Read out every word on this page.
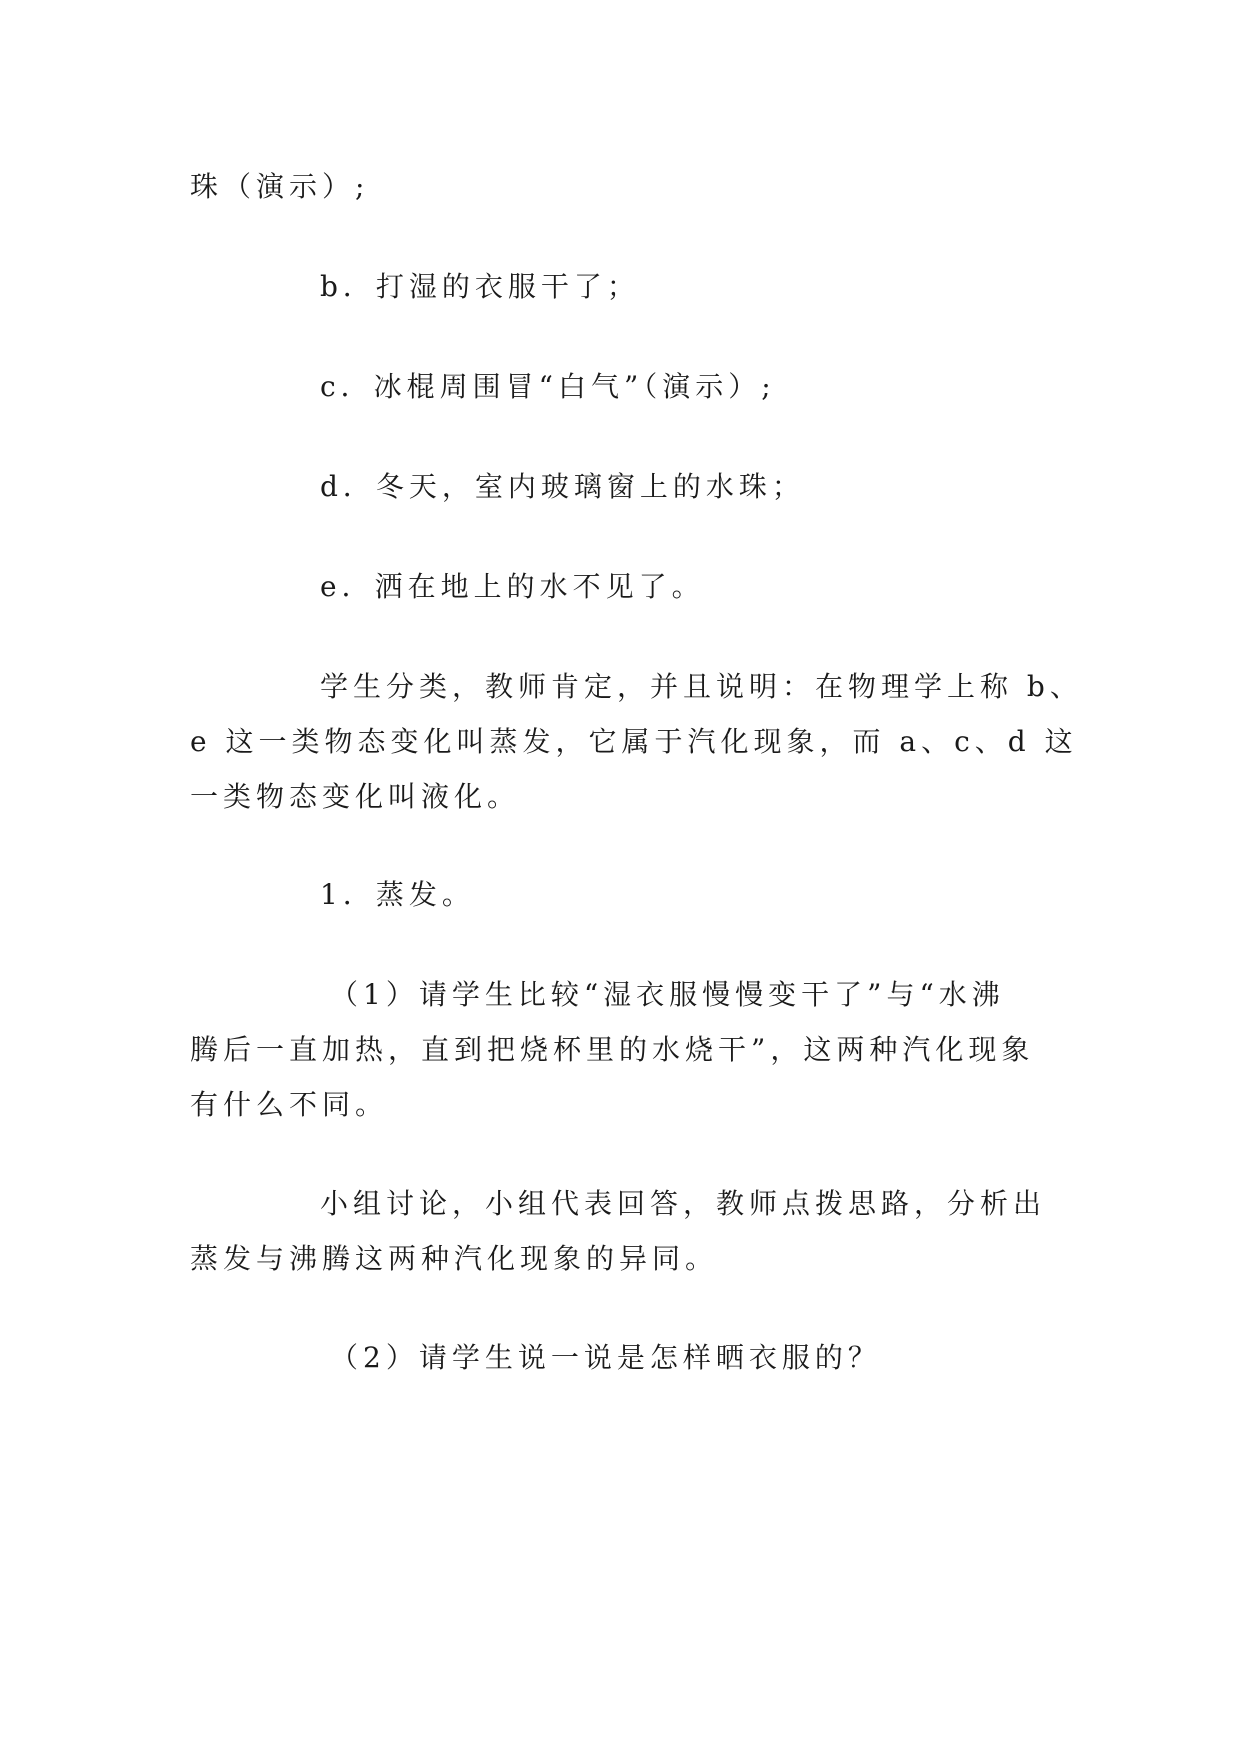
珠（演示）;
b．打湿的衣服干了；
c．冰棍周围冒“白气”（演示）;
d．冬天，室内玻璃窗上的水珠；
e．洒在地上的水不见了。
学生分类，教师肯定，并且说明：在物理学上称 b、
e 这一类物态变化叫蒸发，它属于汽化现象，而 a、c、d 这
一类物态变化叫液化。
1．蒸发。
（1）请学生比较“湿衣服慢慢变干了”与“水沸
腾后一直加热，直到把烧杯里的水烧干”，这两种汽化现象
有什么不同。
小组讨论，小组代表回答，教师点拨思路，分析出
蒸发与沸腾这两种汽化现象的异同。
（2）请学生说一说是怎样晒衣服的？
